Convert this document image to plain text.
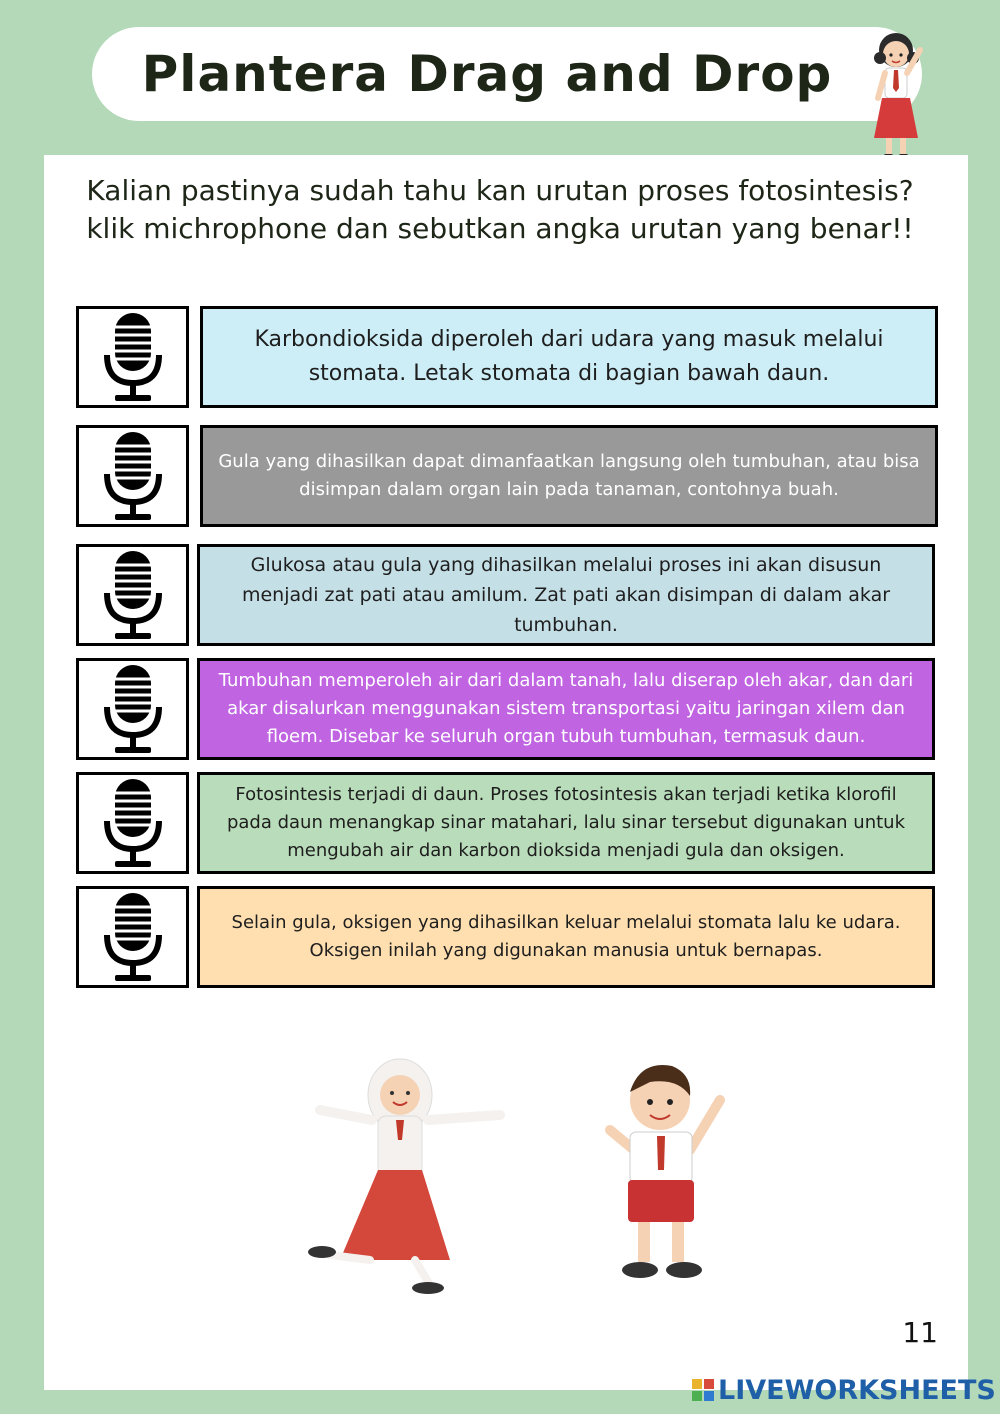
Plantera Drag and Drop
Kalian pastinya sudah tahu kan urutan proses fotosintesis? klik michrophone dan sebutkan angka urutan yang benar!!
Karbondioksida diperoleh dari udara yang masuk melalui stomata. Letak stomata di bagian bawah daun.
Gula yang dihasilkan dapat dimanfaatkan langsung oleh tumbuhan, atau bisa disimpan dalam organ lain pada tanaman, contohnya buah.
Glukosa atau gula yang dihasilkan melalui proses ini akan disusun menjadi zat pati atau amilum. Zat pati akan disimpan di dalam akar tumbuhan.
Tumbuhan memperoleh air dari dalam tanah, lalu diserap oleh akar, dan dari akar disalurkan menggunakan sistem transportasi yaitu jaringan xilem dan floem. Disebar ke seluruh organ tubuh tumbuhan, termasuk daun.
Fotosintesis terjadi di daun. Proses fotosintesis akan terjadi ketika klorofil pada daun menangkap sinar matahari, lalu sinar tersebut digunakan untuk mengubah air dan karbon dioksida menjadi gula dan oksigen.
Selain gula, oksigen yang dihasilkan keluar melalui stomata lalu ke udara. Oksigen inilah yang digunakan manusia untuk bernapas.
11
LIVEWORKSHEETS
